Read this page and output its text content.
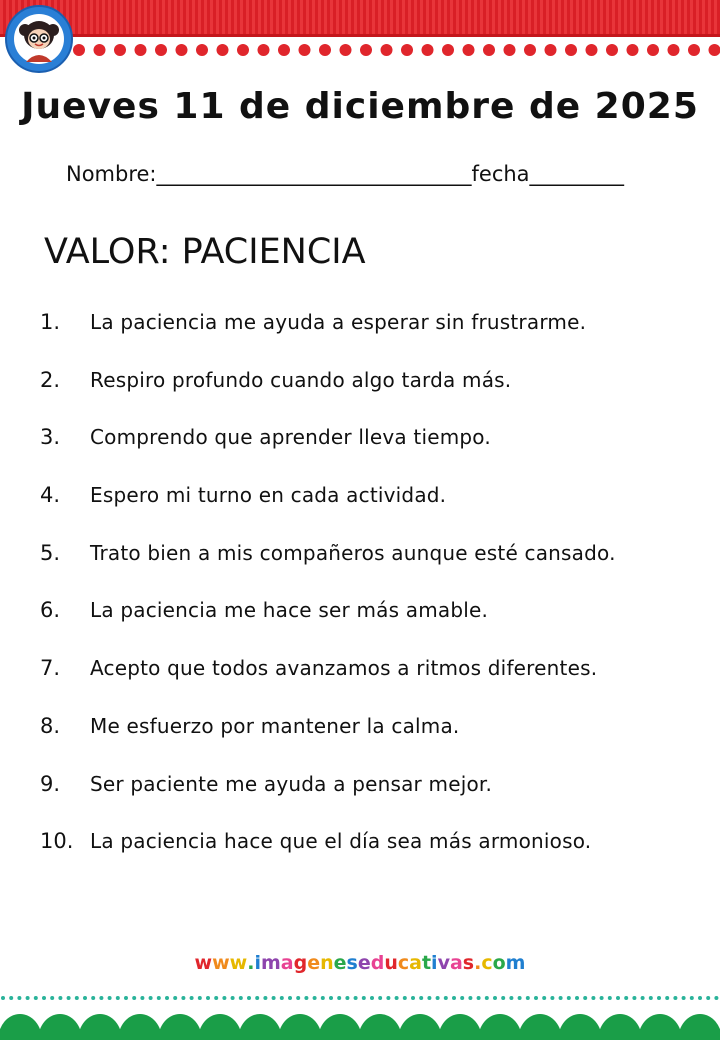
Jueves 11 de diciembre de 2025
Nombre:______________________________fecha_________
VALOR: PACIENCIA
1. La paciencia me ayuda a esperar sin frustrarme.
2. Respiro profundo cuando algo tarda más.
3. Comprendo que aprender lleva tiempo.
4. Espero mi turno en cada actividad.
5. Trato bien a mis compañeros aunque esté cansado.
6. La paciencia me hace ser más amable.
7. Acepto que todos avanzamos a ritmos diferentes.
8. Me esfuerzo por mantener la calma.
9. Ser paciente me ayuda a pensar mejor.
10. La paciencia hace que el día sea más armonioso.
www.imageneseducativas.com
